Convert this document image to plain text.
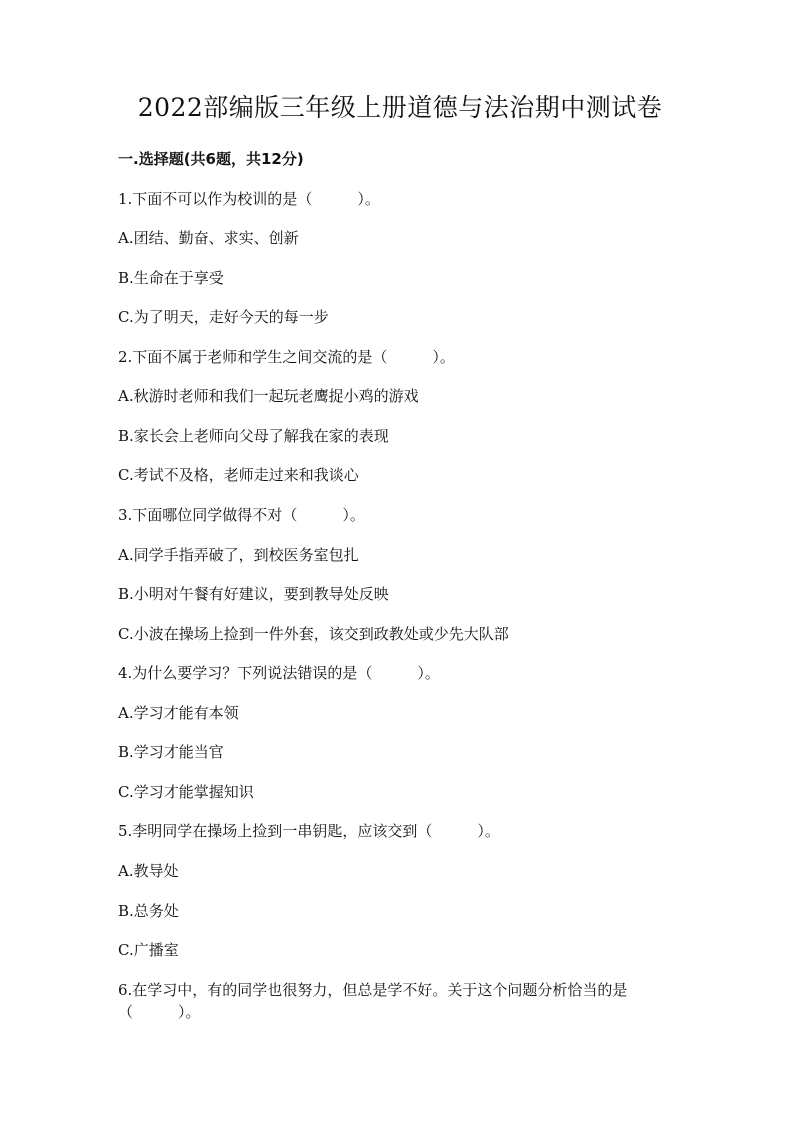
2022部编版三年级上册道德与法治期中测试卷
一.选择题(共6题，共12分)
1.下面不可以作为校训的是（　　　）。
A.团结、勤奋、求实、创新
B.生命在于享受
C.为了明天，走好今天的每一步
2.下面不属于老师和学生之间交流的是（　　　）。
A.秋游时老师和我们一起玩老鹰捉小鸡的游戏
B.家长会上老师向父母了解我在家的表现
C.考试不及格，老师走过来和我谈心
3.下面哪位同学做得不对（　　　）。
A.同学手指弄破了，到校医务室包扎
B.小明对午餐有好建议，要到教导处反映
C.小波在操场上捡到一件外套，该交到政教处或少先大队部
4.为什么要学习？下列说法错误的是（　　　）。
A.学习才能有本领
B.学习才能当官
C.学习才能掌握知识
5.李明同学在操场上捡到一串钥匙，应该交到（　　　）。
A.教导处
B.总务处
C.广播室
6.在学习中，有的同学也很努力，但总是学不好。关于这个问题分析恰当的是（　　　）。
